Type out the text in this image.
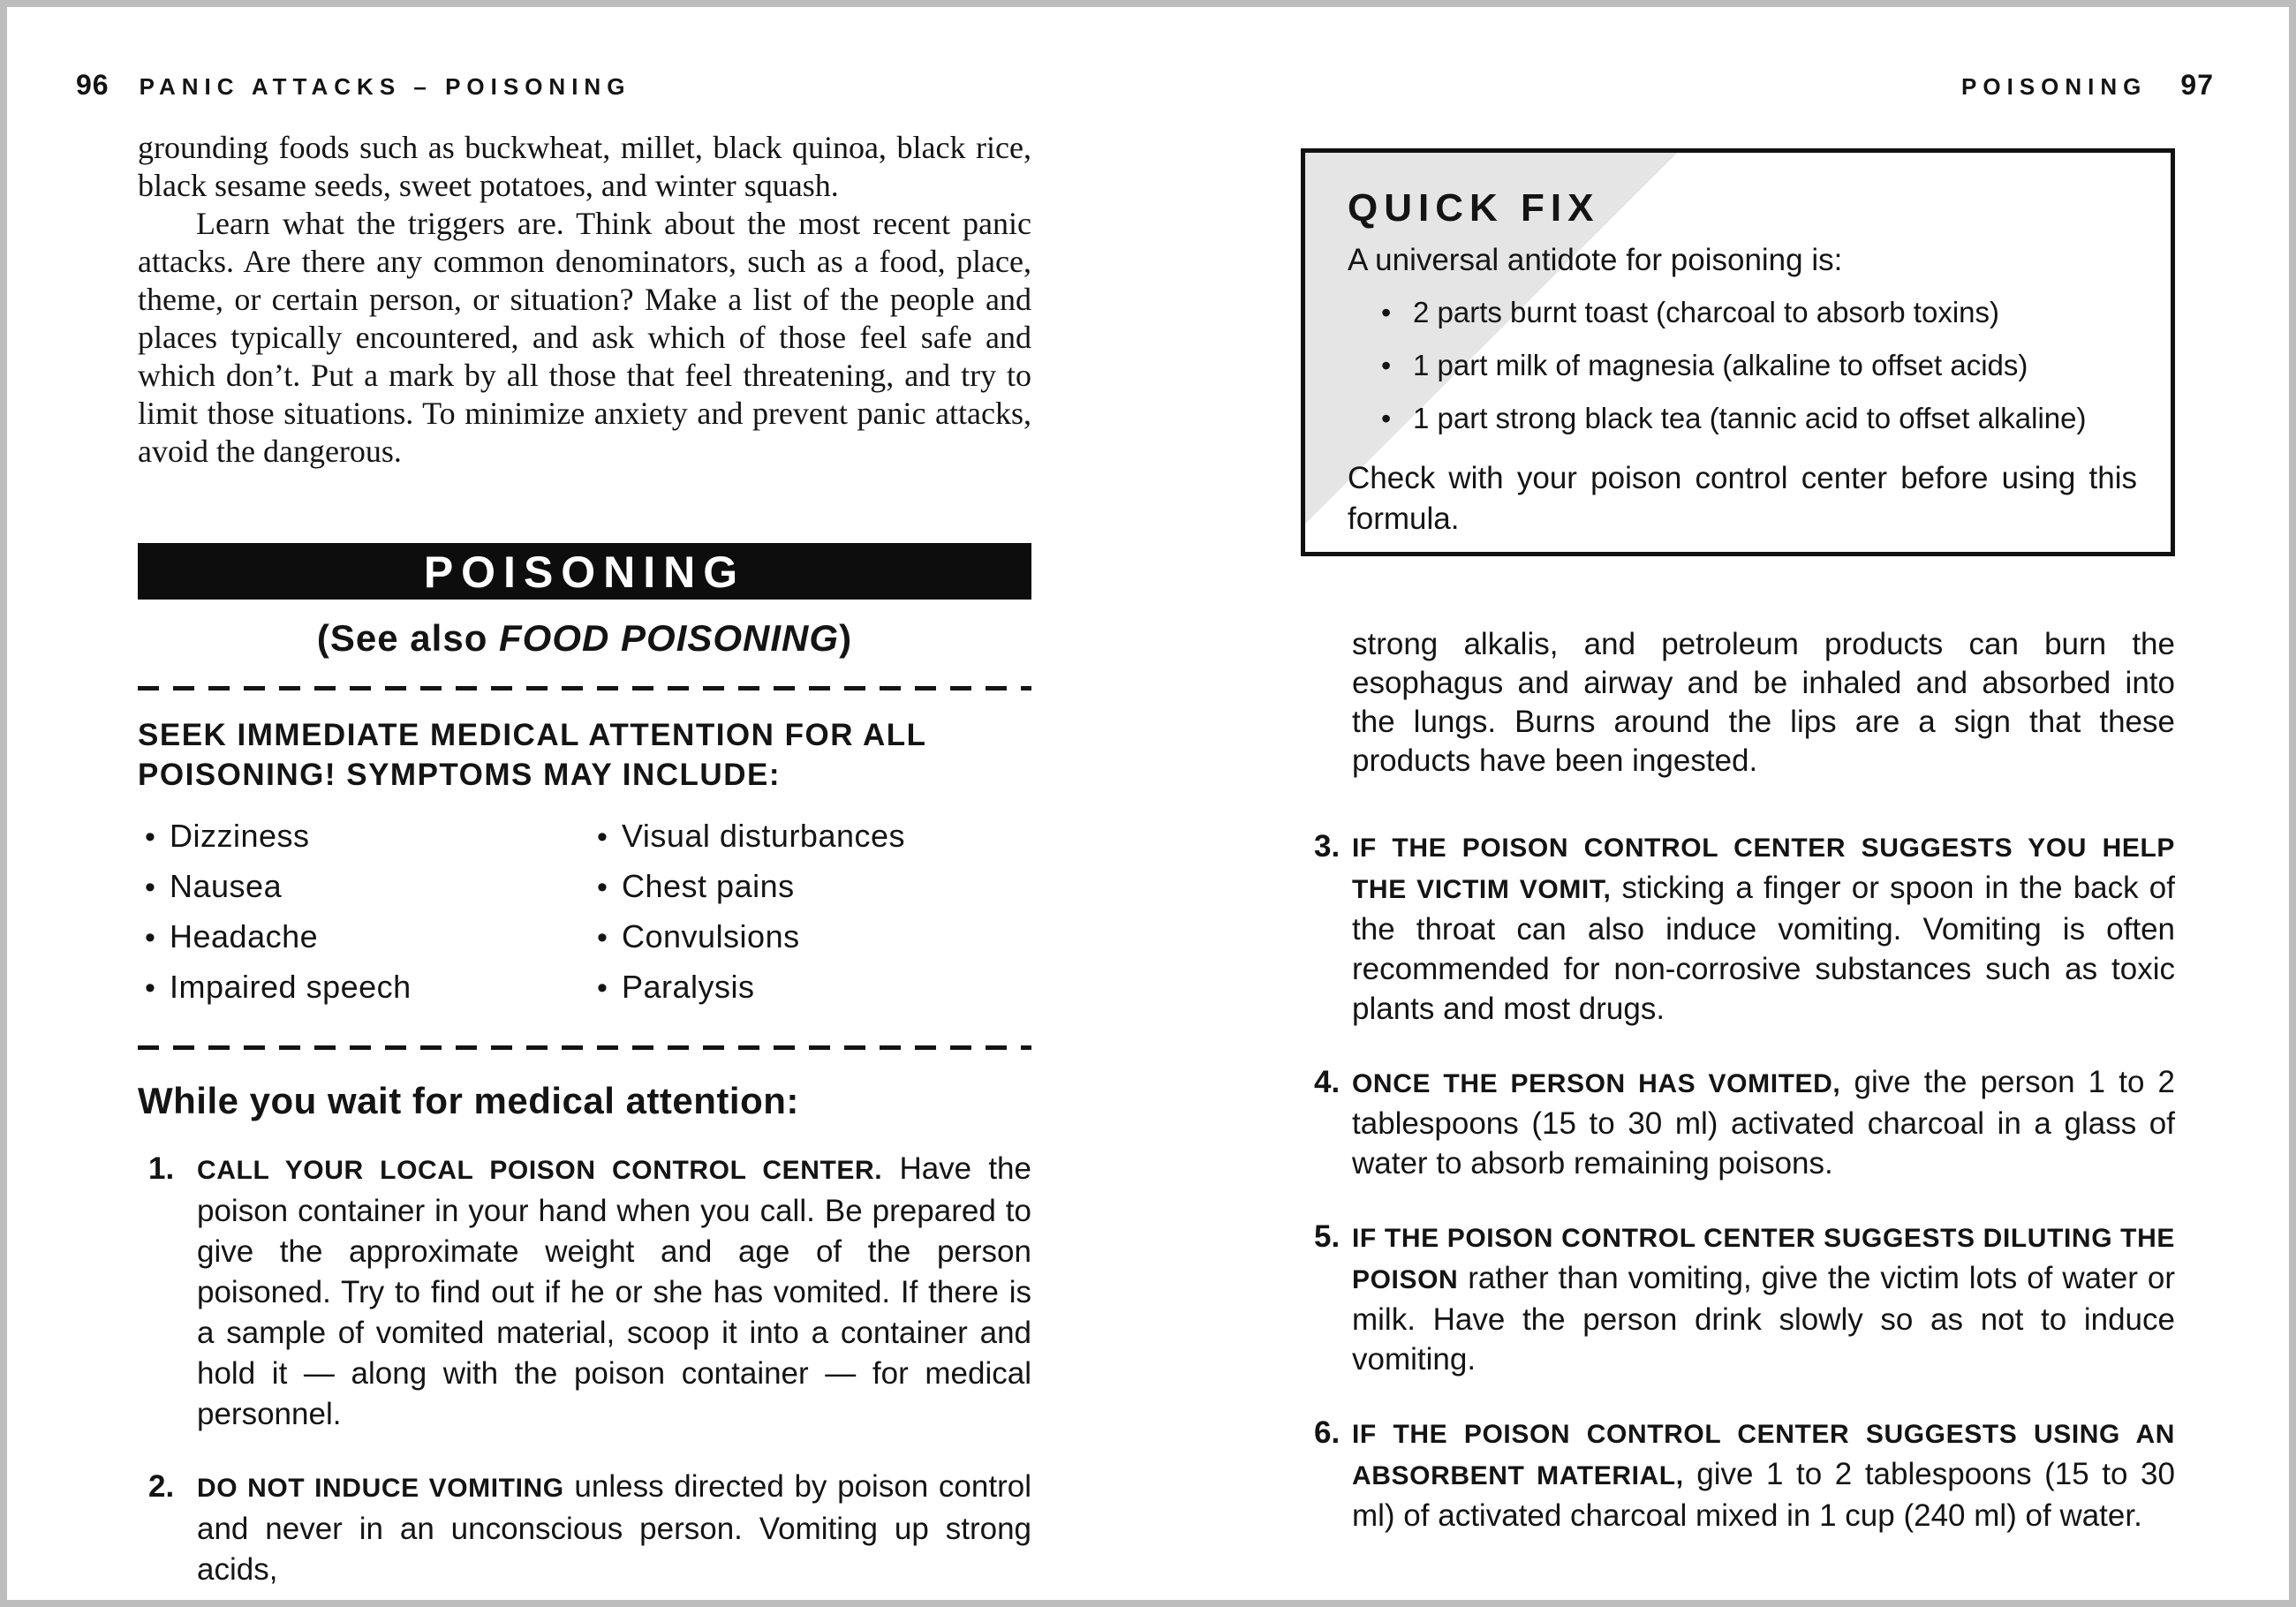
96 PANIC ATTACKS – POISONING	POISONING 97

grounding foods such as buckwheat, millet, black quinoa, black rice, black sesame seeds, sweet potatoes, and winter squash.

Learn what the triggers are. Think about the most recent panic attacks. Are there any common denominators, such as a food, place, theme, or certain person, or situation? Make a list of the people and places typically encountered, and ask which of those feel safe and which don’t. Put a mark by all those that feel threatening, and try to limit those situations. To minimize anxiety and prevent panic attacks, avoid the dangerous.

POISONING
(See also FOOD POISONING)
SEEK IMMEDIATE MEDICAL ATTENTION FOR ALL POISONING! SYMPTOMS MAY INCLUDE:
• Dizziness
• Nausea
• Headache
• Impaired speech
• Visual disturbances
• Chest pains
• Convulsions
• Paralysis
While you wait for medical attention:
1. CALL YOUR LOCAL POISON CONTROL CENTER. Have the poison container in your hand when you call. Be prepared to give the approximate weight and age of the person poisoned. Try to find out if he or she has vomited. If there is a sample of vomited material, scoop it into a container and hold it — along with the poison container — for medical personnel.
2. DO NOT INDUCE VOMITING unless directed by poison control and never in an unconscious person. Vomiting up strong acids,
QUICK FIX
A universal antidote for poisoning is:
• 2 parts burnt toast (charcoal to absorb toxins)
• 1 part milk of magnesia (alkaline to offset acids)
• 1 part strong black tea (tannic acid to offset alkaline)
Check with your poison control center before using this formula.

strong alkalis, and petroleum products can burn the esophagus and airway and be inhaled and absorbed into the lungs. Burns around the lips are a sign that these products have been ingested.

3. IF THE POISON CONTROL CENTER SUGGESTS YOU HELP THE VICTIM VOMIT, sticking a finger or spoon in the back of the throat can also induce vomiting. Vomiting is often recommended for non-corrosive substances such as toxic plants and most drugs.
4. ONCE THE PERSON HAS VOMITED, give the person 1 to 2 tablespoons (15 to 30 ml) activated charcoal in a glass of water to absorb remaining poisons.
5. IF THE POISON CONTROL CENTER SUGGESTS DILUTING THE POISON rather than vomiting, give the victim lots of water or milk. Have the person drink slowly so as not to induce vomiting.
6. IF THE POISON CONTROL CENTER SUGGESTS USING AN ABSORBENT MATERIAL, give 1 to 2 tablespoons (15 to 30 ml) of activated charcoal mixed in 1 cup (240 ml) of water.
